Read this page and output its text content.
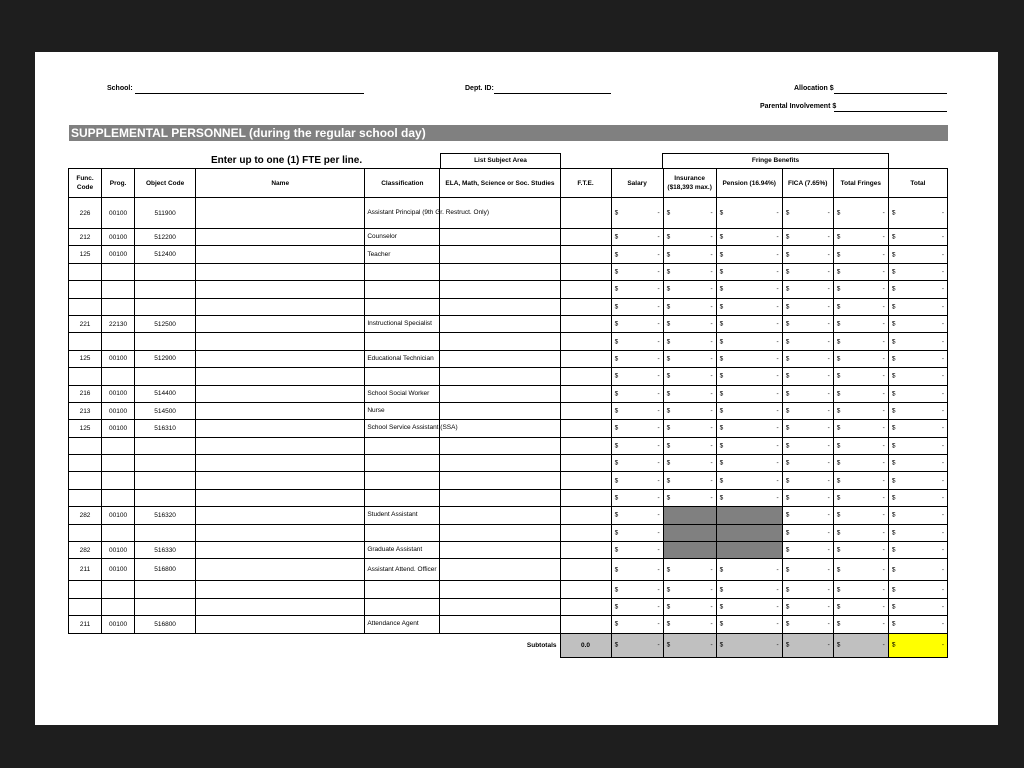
School:	Dept. ID:	Allocation $
Parental Involvement $
SUPPLEMENTAL PERSONNEL (during the regular school day)
Enter up to one (1) FTE per line.	List Subject Area	Fringe Benefits
Func. Code	Prog.	Object Code	Name	Classification	ELA, Math, Science or Soc. Studies	F.T.E.	Salary	Insurance ($18,393 max.)	Pension (16.94%)	FICA (7.65%)	Total Fringes	Total
226	00100	511900		Assistant Principal (9th Gr. Restruct. Only)			$ -	$ -	$ -	$ -	$ -	$ -

212	00100	512200		Counselor			$ -	$ -	$ -	$ -	$ -	$ -

125	00100	512400		Teacher			$ -	$ -	$ -	$ -	$ -	$ -

							$ -	$ -	$ -	$ -	$ -	$ -

							$ -	$ -	$ -	$ -	$ -	$ -

							$ -	$ -	$ -	$ -	$ -	$ -

221	22130	512500		Instructional Specialist			$ -	$ -	$ -	$ -	$ -	$ -

							$ -	$ -	$ -	$ -	$ -	$ -

125	00100	512900		Educational Technician			$ -	$ -	$ -	$ -	$ -	$ -

							$ -	$ -	$ -	$ -	$ -	$ -

216	00100	514400		School Social Worker			$ -	$ -	$ -	$ -	$ -	$ -

213	00100	514500		Nurse			$ -	$ -	$ -	$ -	$ -	$ -

125	00100	516310		School Service Assistant (SSA)			$ -	$ -	$ -	$ -	$ -	$ -

							$ -	$ -	$ -	$ -	$ -	$ -

							$ -	$ -	$ -	$ -	$ -	$ -

							$ -	$ -	$ -	$ -	$ -	$ -

							$ -	$ -	$ -	$ -	$ -	$ -

282	00100	516320		Student Assistant			$ -			$ -	$ -	$ -

							$ -			$ -	$ -	$ -

282	00100	516330		Graduate Assistant			$ -			$ -	$ -	$ -

211	00100	516800		Assistant Attend. Officer			$ -	$ -	$ -	$ -	$ -	$ -

							$ -	$ -	$ -	$ -	$ -	$ -

							$ -	$ -	$ -	$ -	$ -	$ -

211	00100	516800		Attendance Agent			$ -	$ -	$ -	$ -	$ -	$ -

					Subtotals	0.0	$ -	$ -	$ -	$ -	$ -	$ -
